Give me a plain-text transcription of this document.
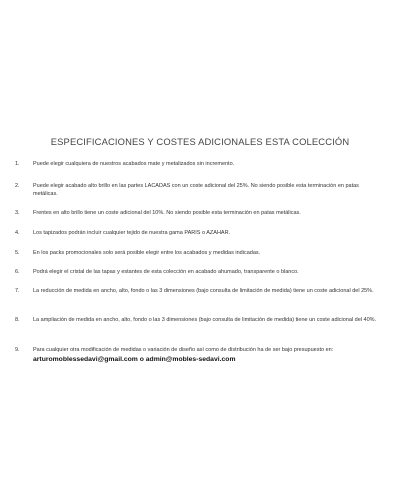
ESPECIFICACIONES Y COSTES ADICIONALES ESTA COLECCIÓN
1. Puede elegir cualquiera de nuestros acabados mate y metalizados sin incremento.
2. Puede elegir acabado alto brillo en las partes LACADAS con un coste adicional del 25%. No siendo posible esta terminación en patas metálicas.
3. Frentes en alto brillo tiene un coste adicional del 10%. No siendo posible esta terminación en patas metálicas.
4. Los tapizados podrán incluir cualquier tejido de nuestra gama PARIS o AZAHAR.
5. En los packs promocionales solo será posible elegir entre los acabados y medidas indicadas.
6. Podrá elegir el cristal de las tapas y estantes de esta colección en acabado ahumado, transparente o blanco.
7. La reducción de medida en ancho, alto, fondo o las 3 dimensiones (bajo consulta de limitación de medida) tiene un coste adicional del 25%.
8. La ampliación de medida en ancho, alto, fondo o las 3 dimensiones (bajo consulta de limitación de medida) tiene un coste adicional del 40%.
9. Para cualquier otra modificación de medidas o variación de diseño así como de distribución ha de ser bajo presupuesto en:
arturomoblessedavi@gmail.com o admin@mobles-sedavi.com
